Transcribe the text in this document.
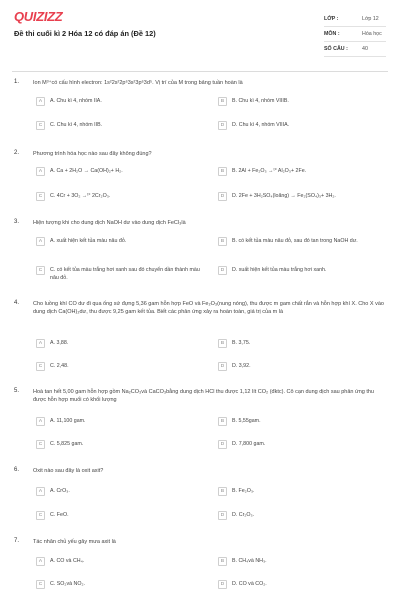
QUIZIZZ
Đề thi cuối kì 2 Hóa 12 có đáp án (Đề 12)
LỚP :	Lớp 12
MÔN :	Hóa học
SỐ CÂU :	40
1.	Ion M³⁺có cấu hình electron: 1s²2s²2p⁶3s²3p⁶3d⁵. Vị trí của M trong bảng tuần hoàn là
A	A. Chu kì 4, nhóm IIA.	B	B. Chu kì 4, nhóm VIIIB.
C	C. Chu kì 4, nhóm IIB.	D	D. Chu kì 4, nhóm VIIIA.
2.	Phương trình hóa học nào sau đây không đúng?
A	A. Ca + 2H₂O → Ca(OH)₂+ H₂.	B	B. 2Al + Fe₂O₃ →ᵗ° Al₂O₃+ 2Fe.
C	C. 4Cr + 3O₂ →ᵗ° 2Cr₂O₃.	D	D. 2Fe + 3H₂SO₄(loãng) → Fe₂(SO₄)₃+ 3H₂.
3.	Hiện tượng khi cho dung dịch NaOH dư vào dung dịch FeCl₃là
A	A. xuất hiện kết tủa màu nâu đỏ.	B	B. có kết tủa màu nâu đỏ, sau đó tan trong NaOH dư.
C	C. có kết tủa màu trắng hơi xanh sau đó chuyển dần thành màu nâu đỏ.
D	D. xuất hiện kết tủa màu trắng hơi xanh.
4.	Cho luồng khí CO dư đi qua ống sứ đựng 5,36 gam hỗn hợp FeO và Fe₂O₃(nung nóng), thu được m gam chất rắn và hỗn hợp khí X. Cho X vào dung dịch Ca(OH)₂dư, thu được 9,25 gam kết tủa. Biết các phản ứng xảy ra hoàn toàn, giá trị của m là
A	A. 3,88.	B	B. 3,75.
C	C. 2,48.	D	D. 3,92.
5.	Hoà tan hết 5,00 gam hỗn hợp gồm Na₂CO₃và CaCO₃bằng dung dịch HCl thu được 1,12 lít CO₂ (đktc). Cô cạn dung dịch sau phản ứng thu được hỗn hợp muối có khối lượng
A	A. 11,100 gam.	B	B. 5,55gam.
C	C. 5,825 gam.	D	D. 7,800 gam.
6.	Oxit nào sau đây là oxit axit?
A	A. CrO₃.	B	B. Fe₂O₃.
C	C. FeO.	D	D. Cr₂O₃.
7.	Tác nhân chủ yếu gây mưa axit là
A	A. CO và CH₄.	B	B. CH₄và NH₃.
C	C. SO₂và NO₂.	D	D. CO và CO₂.
